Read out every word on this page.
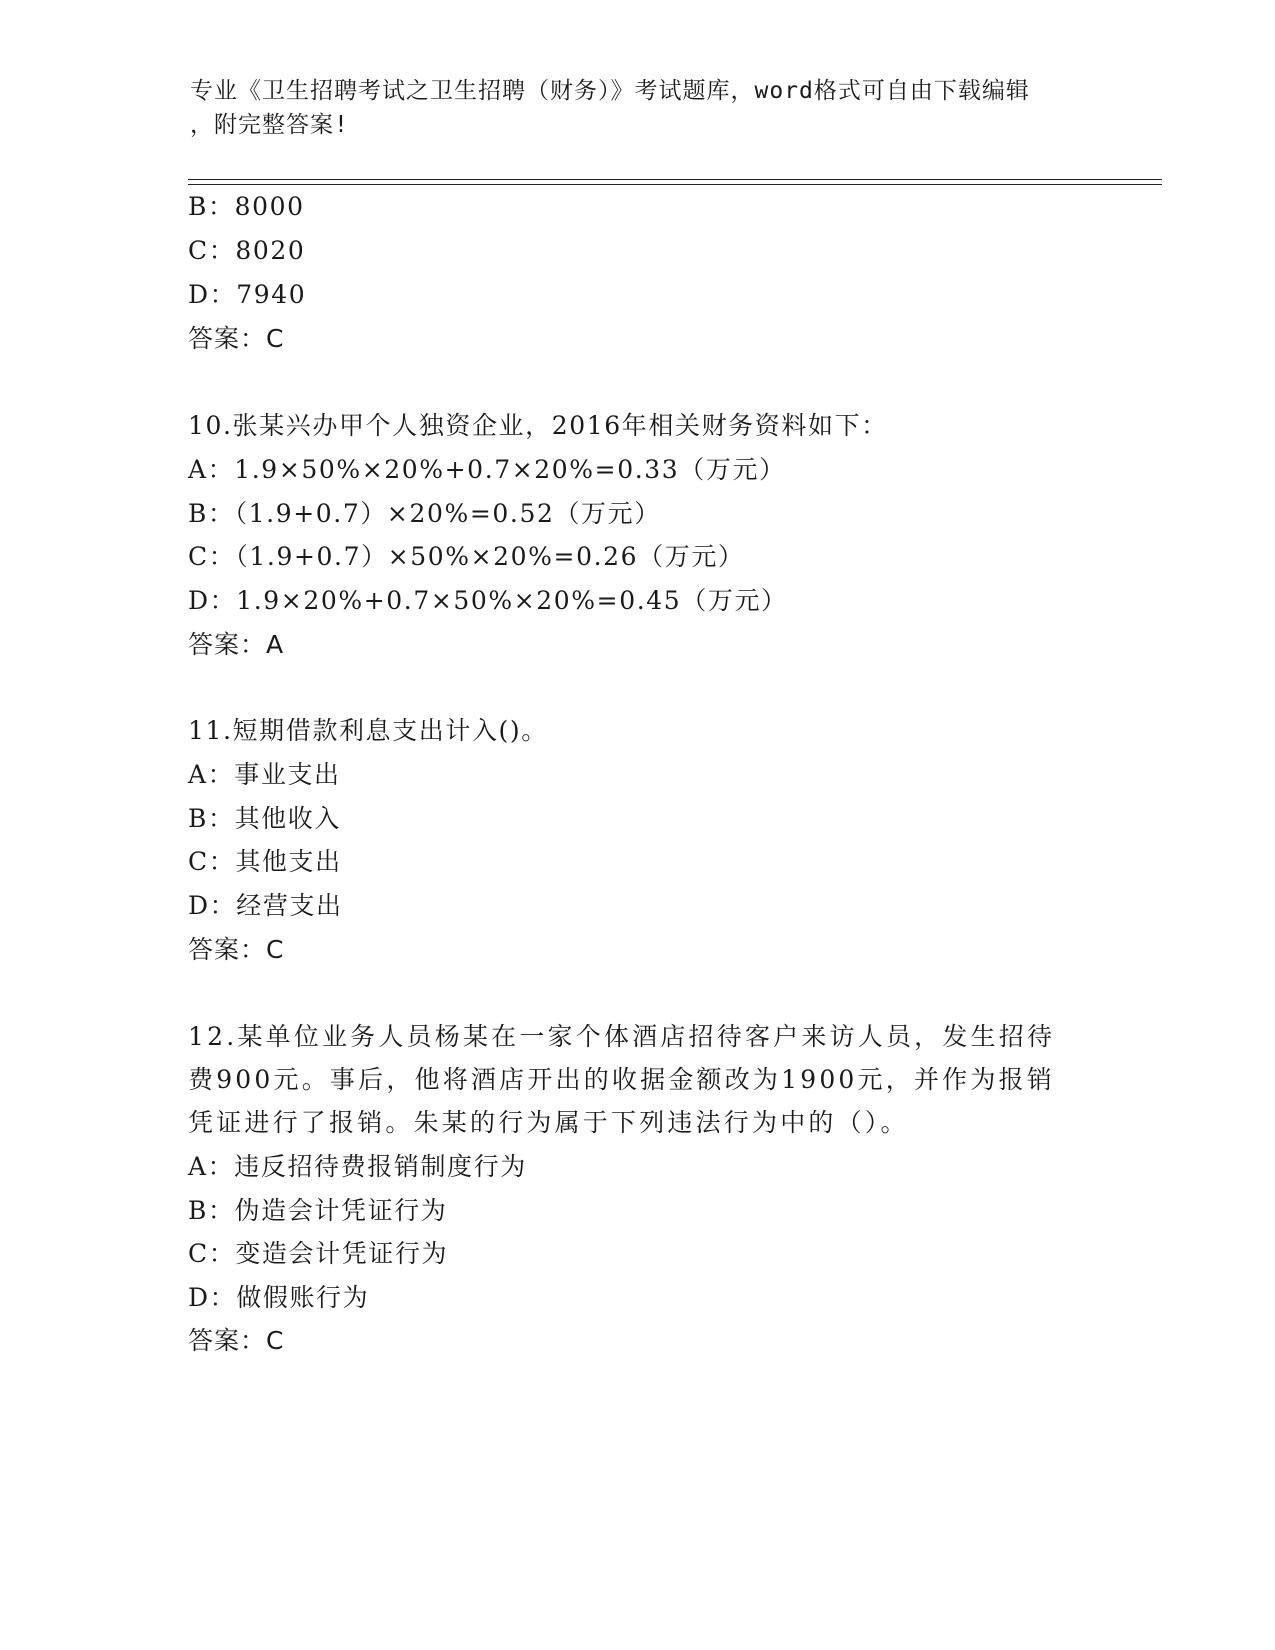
专业《卫生招聘考试之卫生招聘（财务）》考试题库，word格式可自由下载编辑
，附完整答案!
B：8000
C：8020
D：7940
答案：C
10.张某兴办甲个人独资企业，2016年相关财务资料如下：
A：1.9×50%×20%+0.7×20%=0.33（万元）
B：（1.9+0.7）×20%=0.52（万元）
C：（1.9+0.7）×50%×20%=0.26（万元）
D：1.9×20%+0.7×50%×20%=0.45（万元）
答案：A
11.短期借款利息支出计入()。
A：事业支出
B：其他收入
C：其他支出
D：经营支出
答案：C
12.某单位业务人员杨某在一家个体酒店招待客户来访人员，发生招待
费900元。事后，他将酒店开出的收据金额改为1900元，并作为报销
凭证进行了报销。朱某的行为属于下列违法行为中的（）。
A：违反招待费报销制度行为
B：伪造会计凭证行为
C：变造会计凭证行为
D：做假账行为
答案：C
